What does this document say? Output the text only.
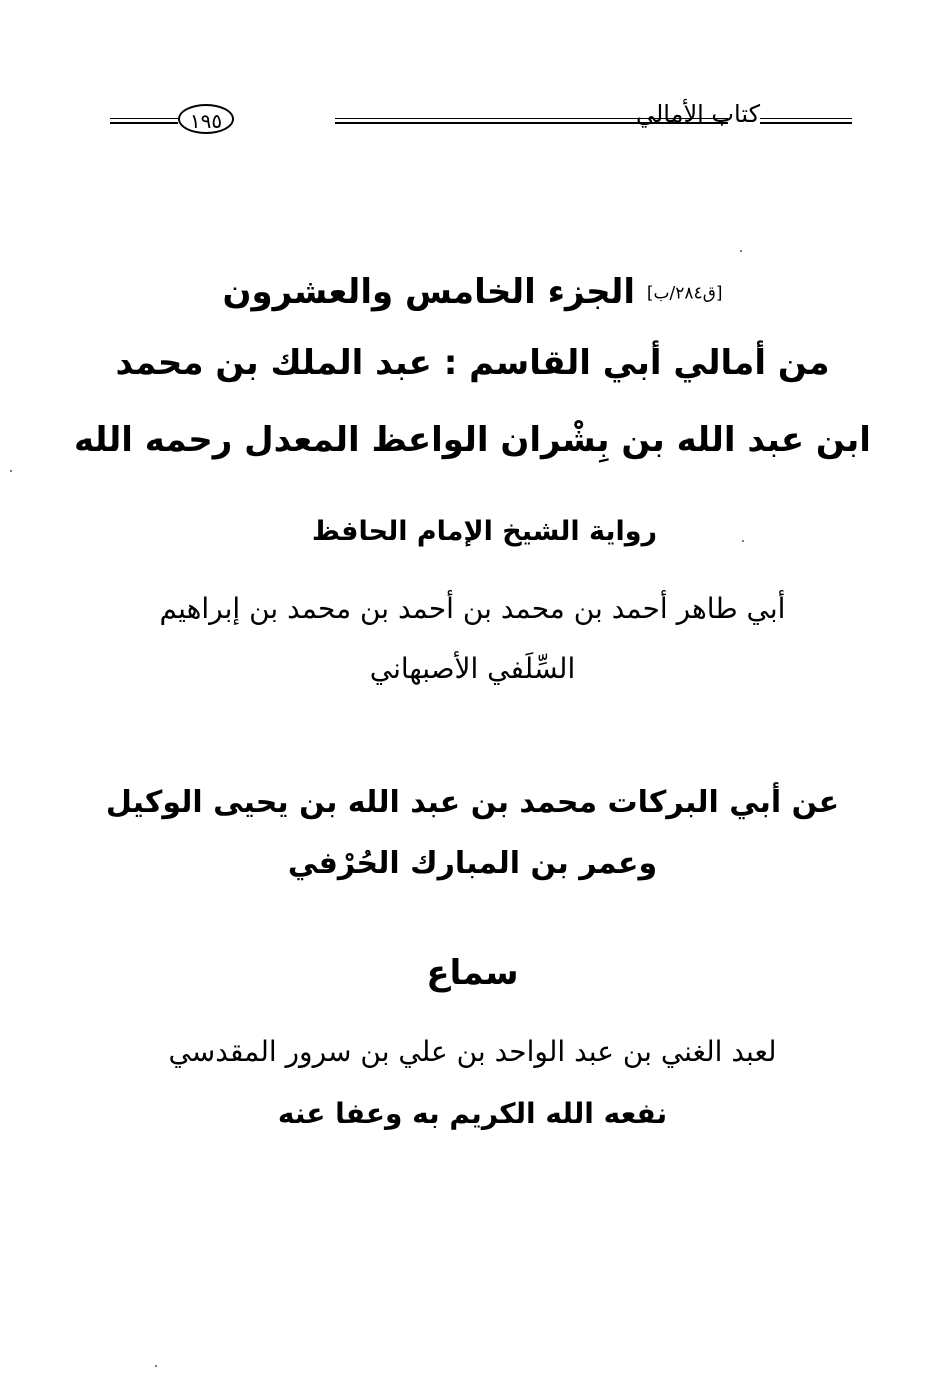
كتاب الأمالي
١٩٥
[ق٢٨٤/ب] الجزء الخامس والعشرون
من أمالي أبي القاسم : عبد الملك بن محمد
ابن عبد الله بن بِشْران الواعظ المعدل رحمه الله
رواية الشيخ الإمام الحافظ
أبي طاهر أحمد بن محمد بن أحمد بن محمد بن إبراهيم
السِّلَفي الأصبهاني
عن أبي البركات محمد بن عبد الله بن يحيى الوكيل
وعمر بن المبارك الحُرْفي
سماع
لعبد الغني بن عبد الواحد بن علي بن سرور المقدسي
نفعه الله الكريم به وعفا عنه
